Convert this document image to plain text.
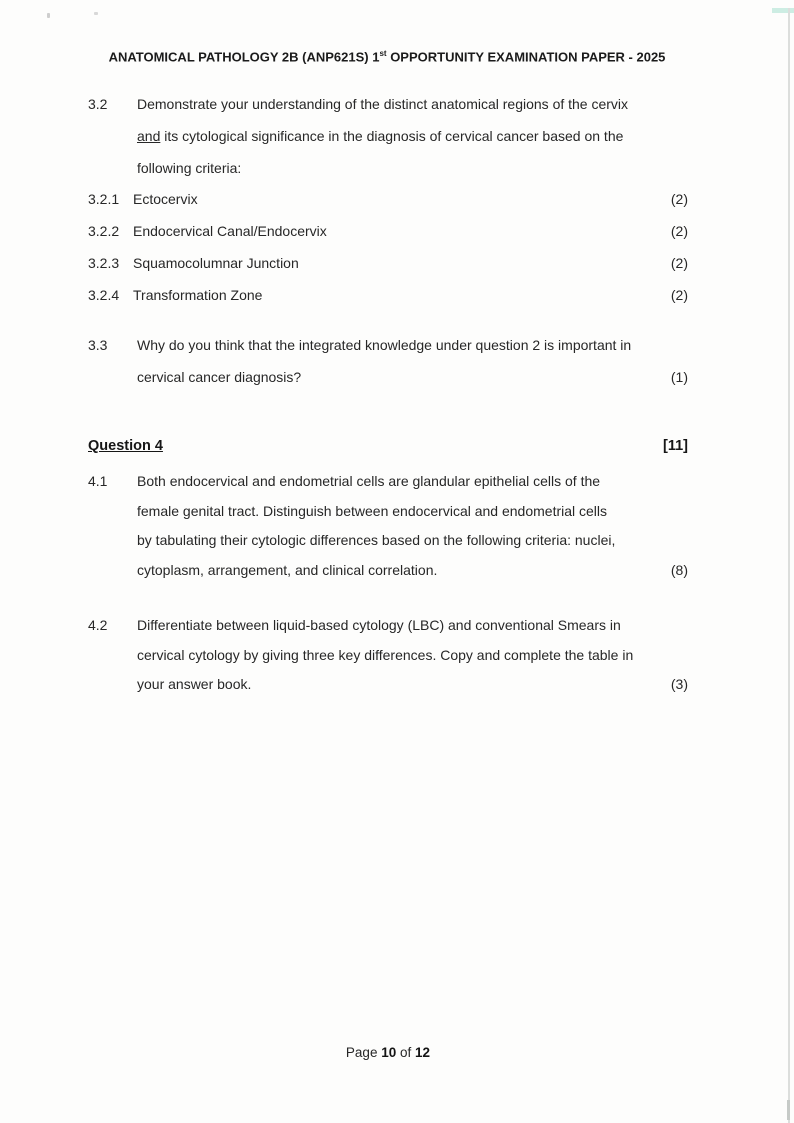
ANATOMICAL PATHOLOGY 2B (ANP621S) 1st OPPORTUNITY EXAMINATION PAPER - 2025
3.2 Demonstrate your understanding of the distinct anatomical regions of the cervix
and its cytological significance in the diagnosis of cervical cancer based on the
following criteria:
3.2.1 Ectocervix	(2)
3.2.2 Endocervical Canal/Endocervix	(2)
3.2.3 Squamocolumnar Junction	(2)
3.2.4 Transformation Zone	(2)
3.3 Why do you think that the integrated knowledge under question 2 is important in
cervical cancer diagnosis?	(1)
Question 4	[11]
4.1 Both endocervical and endometrial cells are glandular epithelial cells of the
female genital tract. Distinguish between endocervical and endometrial cells
by tabulating their cytologic differences based on the following criteria: nuclei,
cytoplasm, arrangement, and clinical correlation.	(8)
4.2 Differentiate between liquid-based cytology (LBC) and conventional Smears in
cervical cytology by giving three key differences. Copy and complete the table in
your answer book.	(3)
Page 10 of 12
